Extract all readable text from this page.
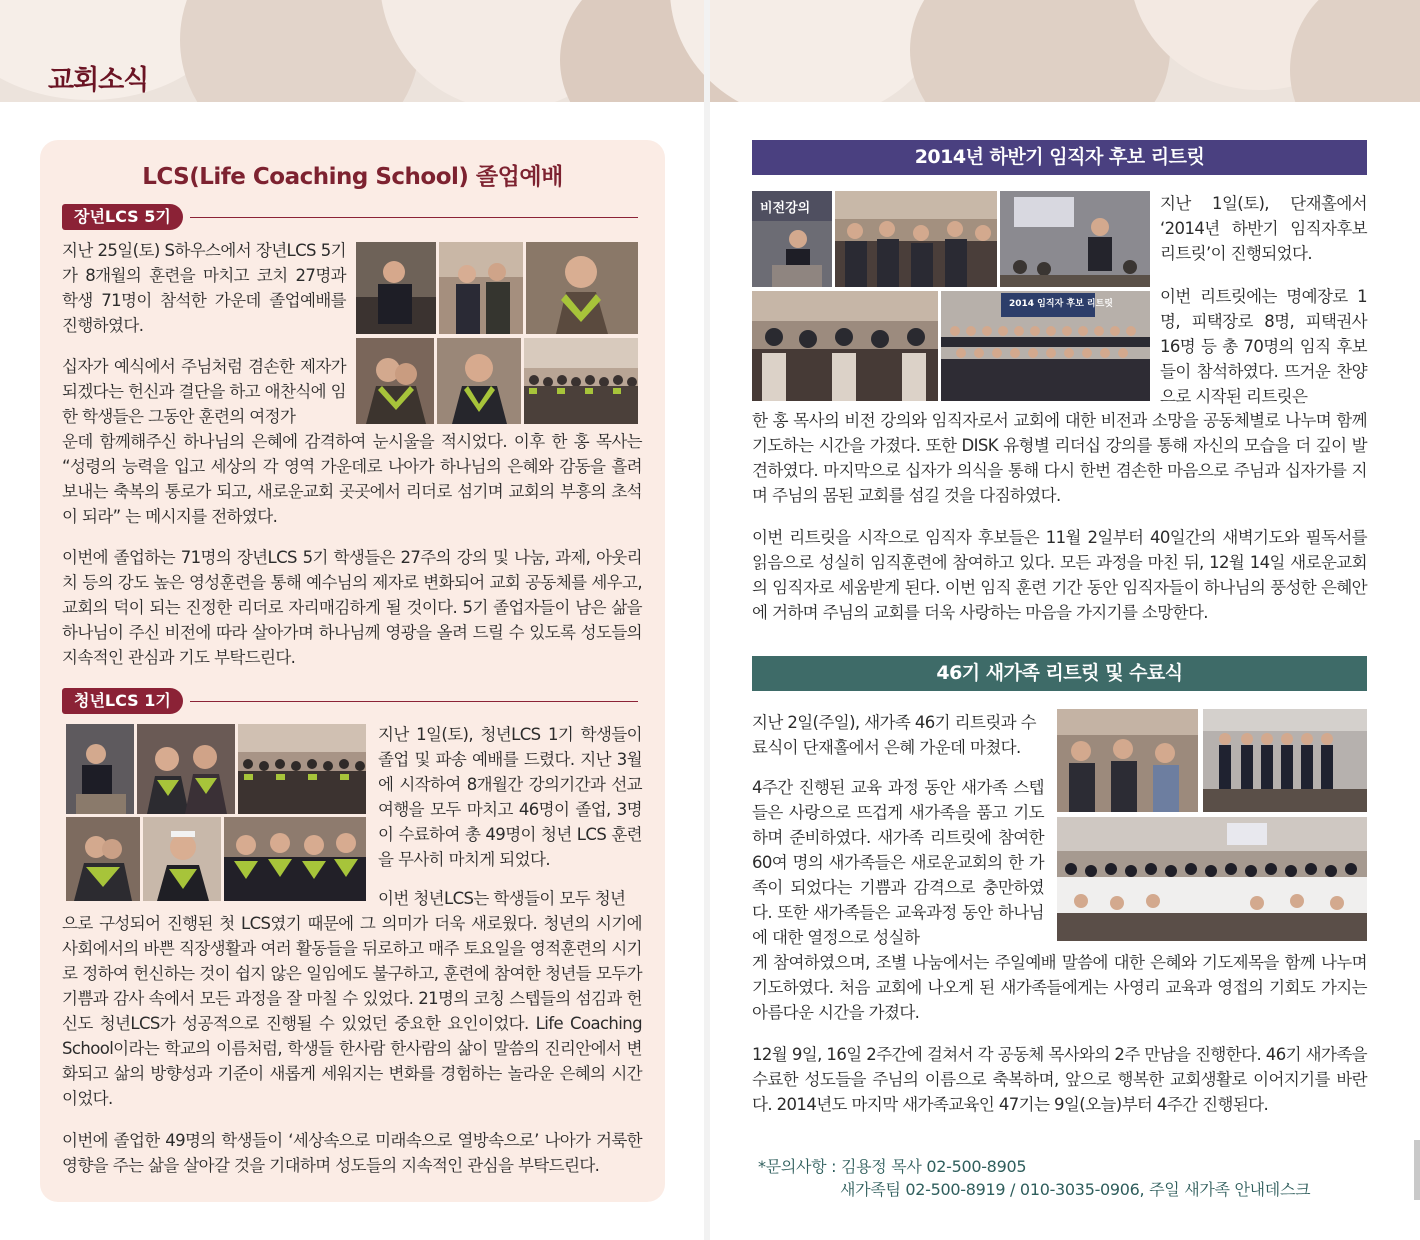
교회소식
LCS(Life Coaching School) 졸업예배
장년LCS 5기
지난 25일(토) S하우스에서 장년LCS 5기가 8개월의 훈련을 마치고 코치 27명과 학생 71명이 참석한 가운데 졸업예배를 진행하였다.
십자가 예식에서 주님처럼 겸손한 제자가 되겠다는 헌신과 결단을 하고 애찬식에 임한 학생들은 그동안 훈련의 여정가
운데 함께해주신 하나님의 은혜에 감격하여 눈시울을 적시었다. 이후 한 홍 목사는 “성령의 능력을 입고 세상의 각 영역 가운데로 나아가 하나님의 은혜와 감동을 흘려 보내는 축복의 통로가 되고, 새로운교회 곳곳에서 리더로 섬기며 교회의 부흥의 초석이 되라” 는 메시지를 전하였다.
이번에 졸업하는 71명의 장년LCS 5기 학생들은 27주의 강의 및 나눔, 과제, 아웃리치 등의 강도 높은 영성훈련을 통해 예수님의 제자로 변화되어 교회 공동체를 세우고, 교회의 덕이 되는 진정한 리더로 자리매김하게 될 것이다. 5기 졸업자들이 남은 삶을 하나님이 주신 비전에 따라 살아가며 하나님께 영광을 올려 드릴 수 있도록 성도들의 지속적인 관심과 기도 부탁드린다.
청년LCS 1기
지난 1일(토), 청년LCS 1기 학생들이 졸업 및 파송 예배를 드렸다. 지난 3월에 시작하여 8개월간 강의기간과 선교여행을 모두 마치고 46명이 졸업, 3명이 수료하여 총 49명이 청년 LCS 훈련을 무사히 마치게 되었다.
이번 청년LCS는 학생들이 모두 청년
으로 구성되어 진행된 첫 LCS였기 때문에 그 의미가 더욱 새로웠다. 청년의 시기에 사회에서의 바쁜 직장생활과 여러 활동들을 뒤로하고 매주 토요일을 영적훈련의 시기로 정하여 헌신하는 것이 쉽지 않은 일임에도 불구하고, 훈련에 참여한 청년들 모두가 기쁨과 감사 속에서 모든 과정을 잘 마칠 수 있었다. 21명의 코칭 스텝들의 섬김과 헌신도 청년LCS가 성공적으로 진행될 수 있었던 중요한 요인이었다. Life Coaching School이라는 학교의 이름처럼, 학생들 한사람 한사람의 삶이 말씀의 진리안에서 변화되고 삶의 방향성과 기준이 새롭게 세워지는 변화를 경험하는 놀라운 은혜의 시간이었다.
이번에 졸업한 49명의 학생들이 ‘세상속으로 미래속으로 열방속으로’ 나아가 거룩한 영향을 주는 삶을 살아갈 것을 기대하며 성도들의 지속적인 관심을 부탁드린다.
2014년 하반기 임직자 후보 리트릿
비전강의
2014 임직자 후보 리트릿
지난 1일(토), 단재홀에서 ‘2014년 하반기 임직자후보 리트릿’이 진행되었다.
이번 리트릿에는 명예장로 1명, 피택장로 8명, 피택권사 16명 등 총 70명의 임직 후보들이 참석하였다. 뜨거운 찬양으로 시작된 리트릿은
한 홍 목사의 비전 강의와 임직자로서 교회에 대한 비전과 소망을 공동체별로 나누며 함께 기도하는 시간을 가졌다. 또한 DISK 유형별 리더십 강의를 통해 자신의 모습을 더 깊이 발견하였다. 마지막으로 십자가 의식을 통해 다시 한번 겸손한 마음으로 주님과 십자가를 지며 주님의 몸된 교회를 섬길 것을 다짐하였다.
이번 리트릿을 시작으로 임직자 후보들은 11월 2일부터 40일간의 새벽기도와 필독서를 읽음으로 성실히 임직훈련에 참여하고 있다. 모든 과정을 마친 뒤, 12월 14일 새로운교회의 임직자로 세움받게 된다. 이번 임직 훈련 기간 동안 임직자들이 하나님의 풍성한 은혜안에 거하며 주님의 교회를 더욱 사랑하는 마음을 가지기를 소망한다.
46기 새가족 리트릿 및 수료식
지난 2일(주일), 새가족 46기 리트릿과 수료식이 단재홀에서 은혜 가운데 마쳤다.
4주간 진행된 교육 과정 동안 새가족 스텝들은 사랑으로 뜨겁게 새가족을 품고 기도하며 준비하였다. 새가족 리트릿에 참여한 60여 명의 새가족들은 새로운교회의 한 가족이 되었다는 기쁨과 감격으로 충만하였다. 또한 새가족들은 교육과정 동안 하나님에 대한 열정으로 성실하
게 참여하였으며, 조별 나눔에서는 주일예배 말씀에 대한 은혜와 기도제목을 함께 나누며 기도하였다. 처음 교회에 나오게 된 새가족들에게는 사영리 교육과 영접의 기회도 가지는 아름다운 시간을 가졌다.
12월 9일, 16일 2주간에 걸쳐서 각 공동체 목사와의 2주 만남을 진행한다. 46기 새가족을 수료한 성도들을 주님의 이름으로 축복하며, 앞으로 행복한 교회생활로 이어지기를 바란다. 2014년도 마지막 새가족교육인 47기는 9일(오늘)부터 4주간 진행된다.
*문의사항 : 김용정 목사 02-500-8905
새가족팀 02-500-8919 / 010-3035-0906, 주일 새가족 안내데스크
